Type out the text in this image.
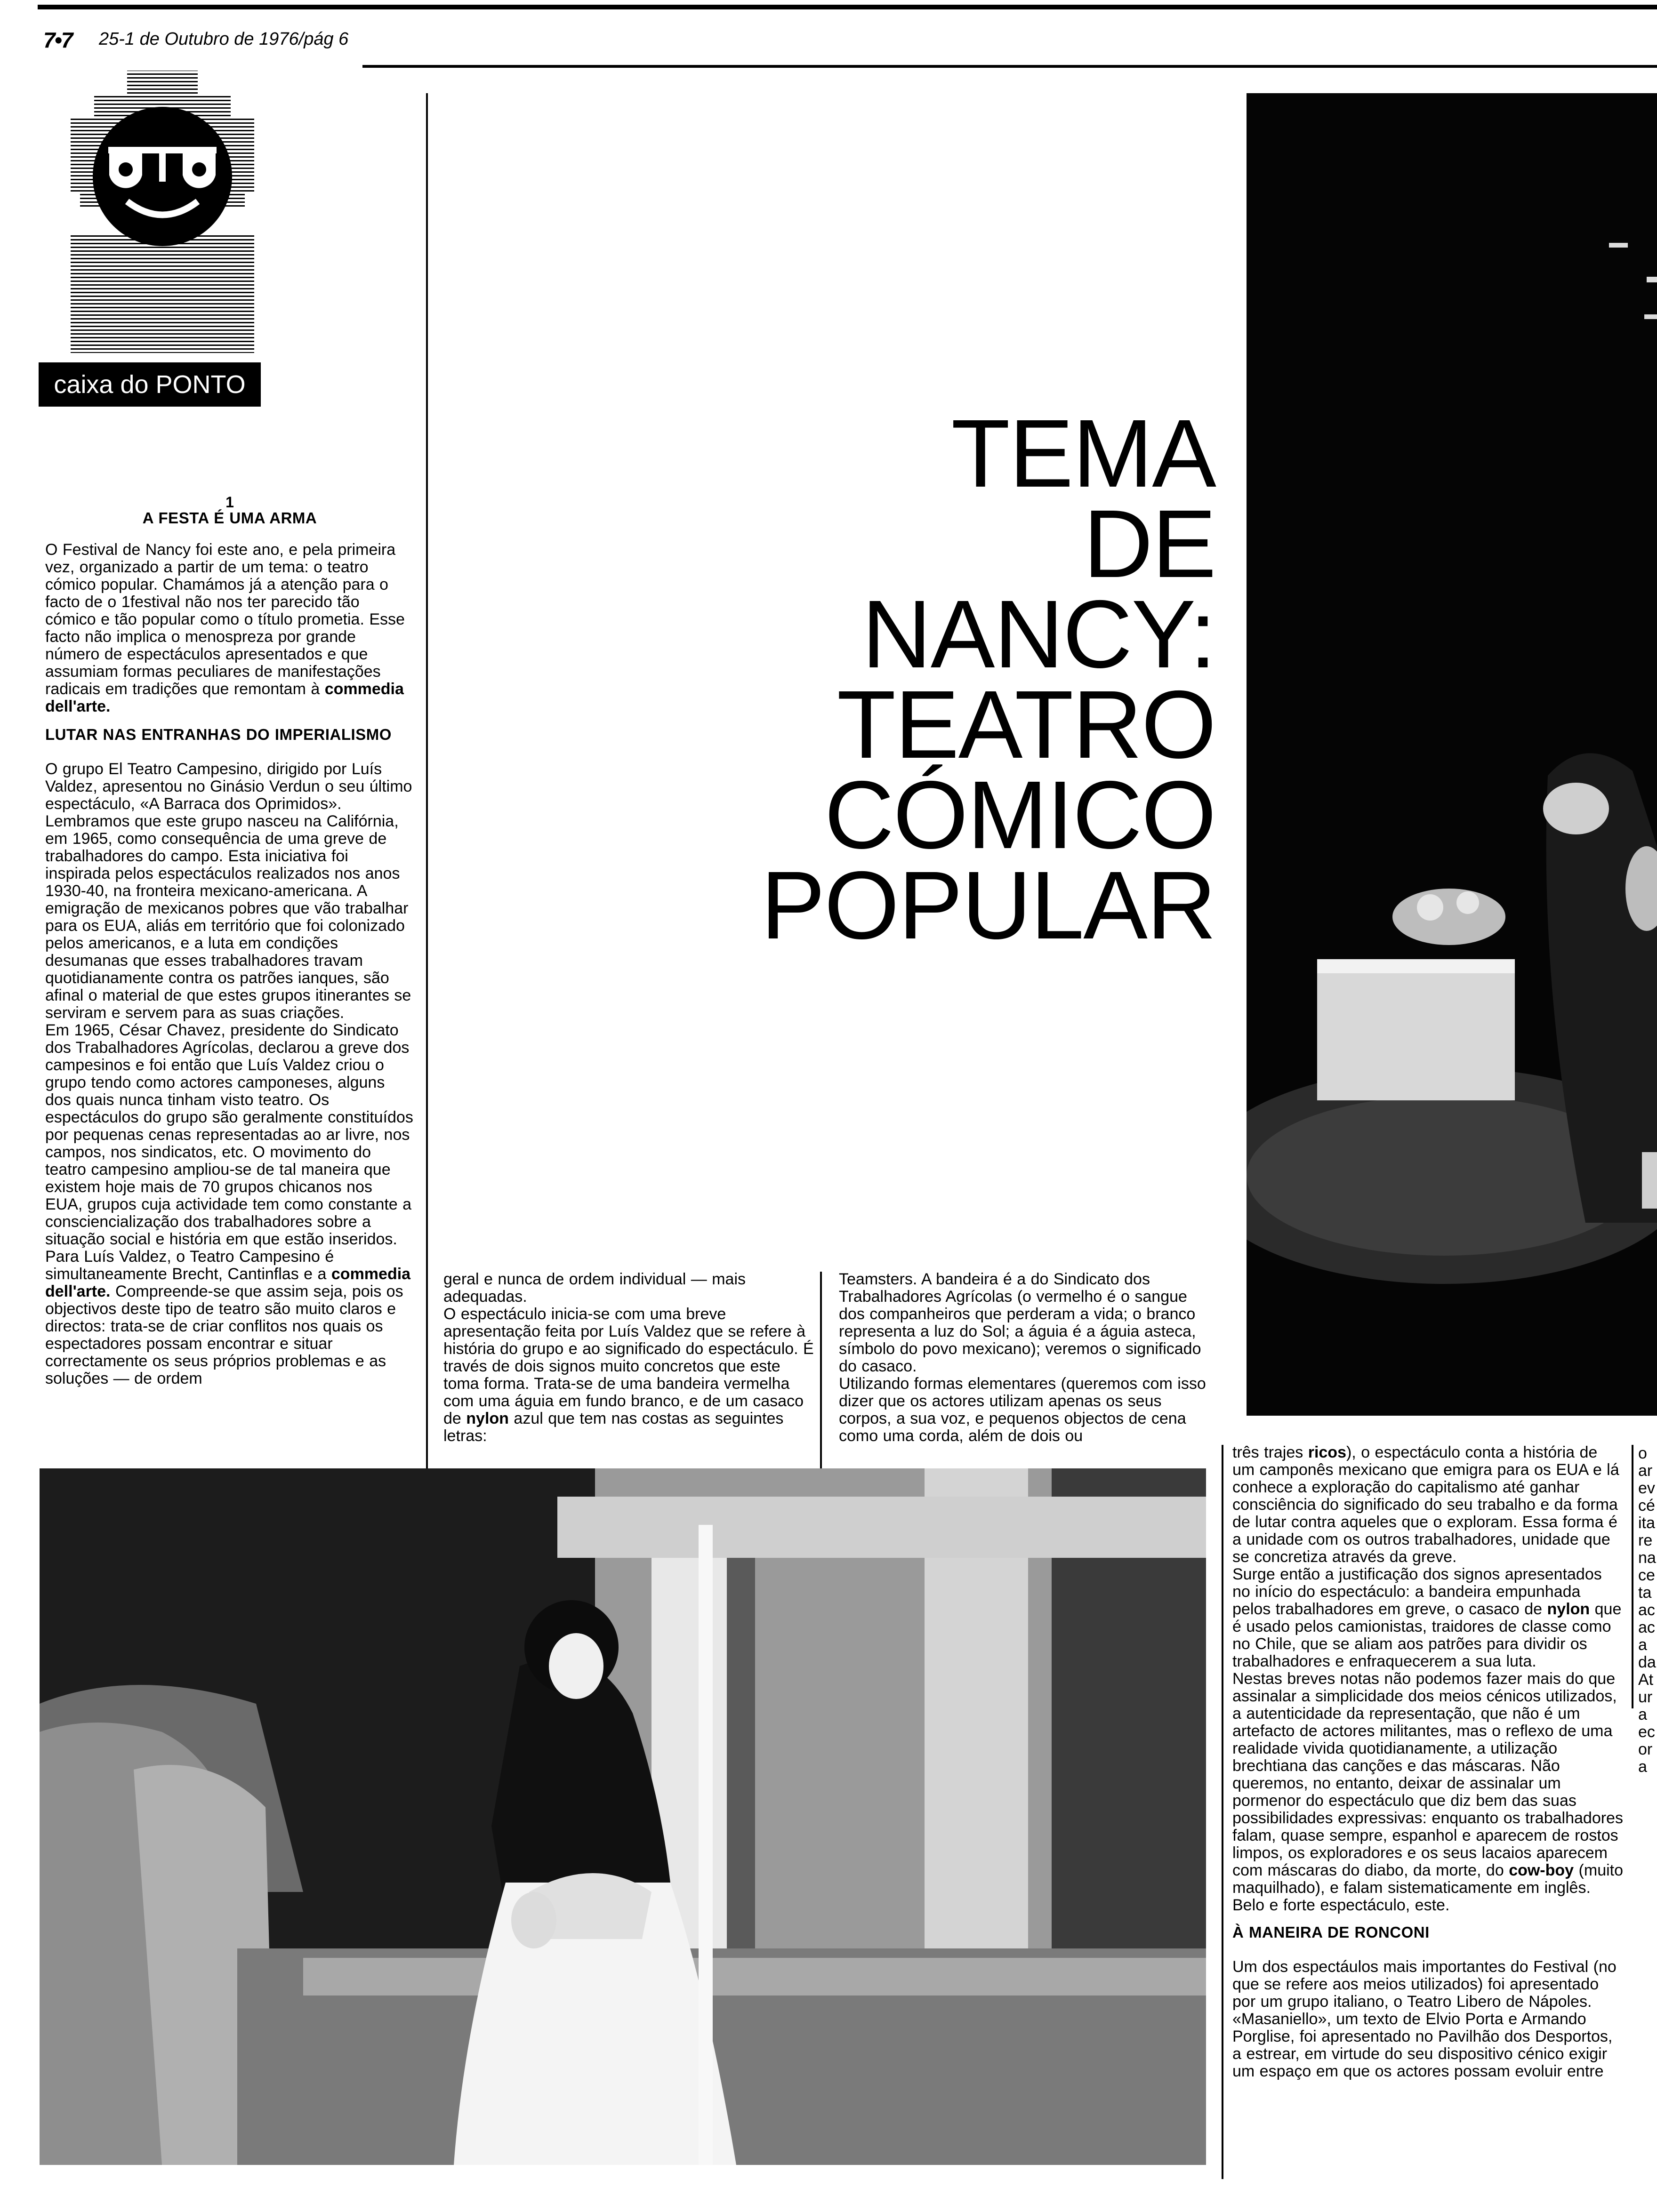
7•7 25-1 de Outubro de 1976/pág 6
caixa do PONTO
1
A FESTA É UMA ARMA

O Festival de Nancy foi este ano, e pela primeira vez, organizado a partir de um tema: o teatro cómico popular. Chamámos já a atenção para o facto de o 1festival não nos ter parecido tão cómico e tão popular como o título prometia. Esse facto não implica o menospreza por grande número de espectáculos apresentados e que assumiam formas peculiares de manifestações radicais em tradições que remontam à commedia dell'arte.

LUTAR NAS ENTRANHAS DO IMPERIALISMO

O grupo El Teatro Campesino, dirigido por Luís Valdez, apresentou no Ginásio Verdun o seu último espectáculo, «A Barraca dos Oprimidos». Lembramos que este grupo nasceu na Califórnia, em 1965, como consequência de uma greve de trabalhadores do campo. Esta iniciativa foi inspirada pelos espectáculos realizados nos anos 1930-40, na fronteira mexicano-americana. A emigração de mexicanos pobres que vão trabalhar para os EUA, aliás em território que foi colonizado pelos americanos, e a luta em condições desumanas que esses trabalhadores travam quotidianamente contra os patrões ianques, são afinal o material de que estes grupos itinerantes se serviram e servem para as suas criações.

Em 1965, César Chavez, presidente do Sindicato dos Trabalhadores Agrícolas, declarou a greve dos campesinos e foi então que Luís Valdez criou o grupo tendo como actores camponeses, alguns dos quais nunca tinham visto teatro. Os espectáculos do grupo são geralmente constituídos por pequenas cenas representadas ao ar livre, nos campos, nos sindicatos, etc. O movimento do teatro campesino ampliou-se de tal maneira que existem hoje mais de 70 grupos chicanos nos EUA, grupos cuja actividade tem como constante a consciencialização dos trabalhadores sobre a situação social e história em que estão inseridos.

Para Luís Valdez, o Teatro Campesino é simultaneamente Brecht, Cantinflas e a commedia dell'arte. Compreende-se que assim seja, pois os objectivos deste tipo de teatro são muito claros e directos: trata-se de criar conflitos nos quais os espectadores possam encontrar e situar correctamente os seus próprios problemas e as soluções — de ordem

TEMA
DE
NANCY:
TEATRO
CÓMICO
POPULAR

geral e nunca de ordem individual — mais adequadas.

O espectáculo inicia-se com uma breve apresentação feita por Luís Valdez que se refere à história do grupo e ao significado do espectáculo. É través de dois signos muito concretos que este toma forma. Trata-se de uma bandeira vermelha com uma águia em fundo branco, e de um casaco de nylon azul que tem nas costas as seguintes letras:

Teamsters. A bandeira é a do Sindicato dos Trabalhadores Agrícolas (o vermelho é o sangue dos companheiros que perderam a vida; o branco representa a luz do Sol; a águia é a águia asteca, símbolo do povo mexicano); veremos o significado do casaco.

Utilizando formas elementares (queremos com isso dizer que os actores utilizam apenas os seus corpos, a sua voz, e pequenos objectos de cena como uma corda, além de dois ou

três trajes ricos), o espectáculo conta a história de um camponês mexicano que emigra para os EUA e lá conhece a exploração do capitalismo até ganhar consciência do significado do seu trabalho e da forma de lutar contra aqueles que o exploram. Essa forma é a unidade com os outros trabalhadores, unidade que se concretiza através da greve.

Surge então a justificação dos signos apresentados no início do espectáculo: a bandeira empunhada pelos trabalhadores em greve, o casaco de nylon que é usado pelos camionistas, traidores de classe como no Chile, que se aliam aos patrões para dividir os trabalhadores e enfraquecerem a sua luta.

Nestas breves notas não podemos fazer mais do que assinalar a simplicidade dos meios cénicos utilizados, a autenticidade da representação, que não é um artefacto de actores militantes, mas o reflexo de uma realidade vivida quotidianamente, a utilização brechtiana das canções e das máscaras. Não queremos, no entanto, deixar de assinalar um pormenor do espectáculo que diz bem das suas possibilidades expressivas: enquanto os trabalhadores falam, quase sempre, espanhol e aparecem de rostos limpos, os exploradores e os seus lacaios aparecem com máscaras do diabo, da morte, do cow-boy (muito maquilhado), e falam sistematicamente em inglês.

Belo e forte espectáculo, este.

À MANEIRA DE RONCONI

Um dos espectáulos mais importantes do Festival (no que se refere aos meios utilizados) foi apresentado por um grupo italiano, o Teatro Libero de Nápoles. «Masaniello», um texto de Elvio Porta e Armando Porglise, foi apresentado no Pavilhão dos Desportos, a estrear, em virtude do seu dispositivo cénico exigir um espaço em que os actores possam evoluir entre

o
ar
ev
cé
ita
re
na
ce
ta
ac
ac
a
da
At
ur
a
ec
or
a
